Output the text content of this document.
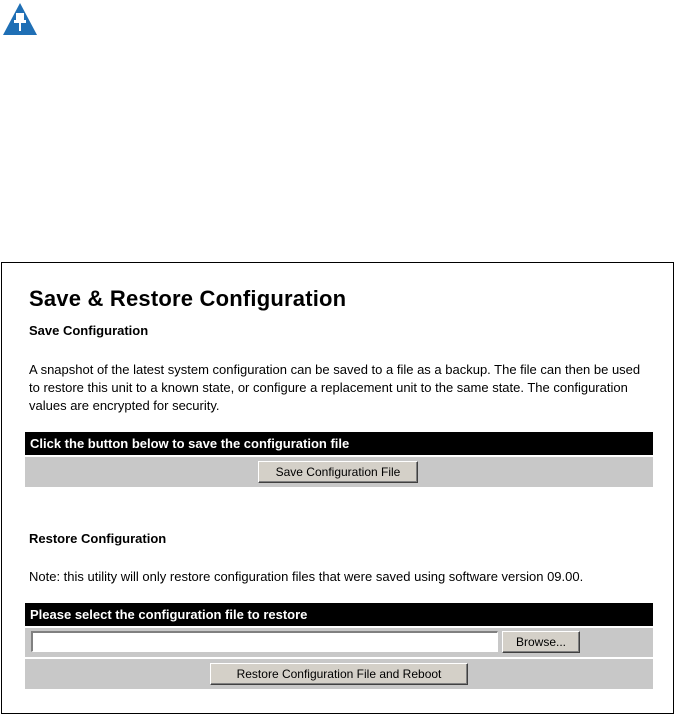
Save & Restore Configuration
Save Configuration

A snapshot of the latest system configuration can be saved to a file as a backup. The file can then be used to restore this unit to a known state, or configure a replacement unit to the same state. The configuration values are encrypted for security.

Click the button below to save the configuration file
Save Configuration File
Restore Configuration

Note: this utility will only restore configuration files that were saved using software version 09.00.

Please select the configuration file to restore
Browse...
Restore Configuration File and Reboot
